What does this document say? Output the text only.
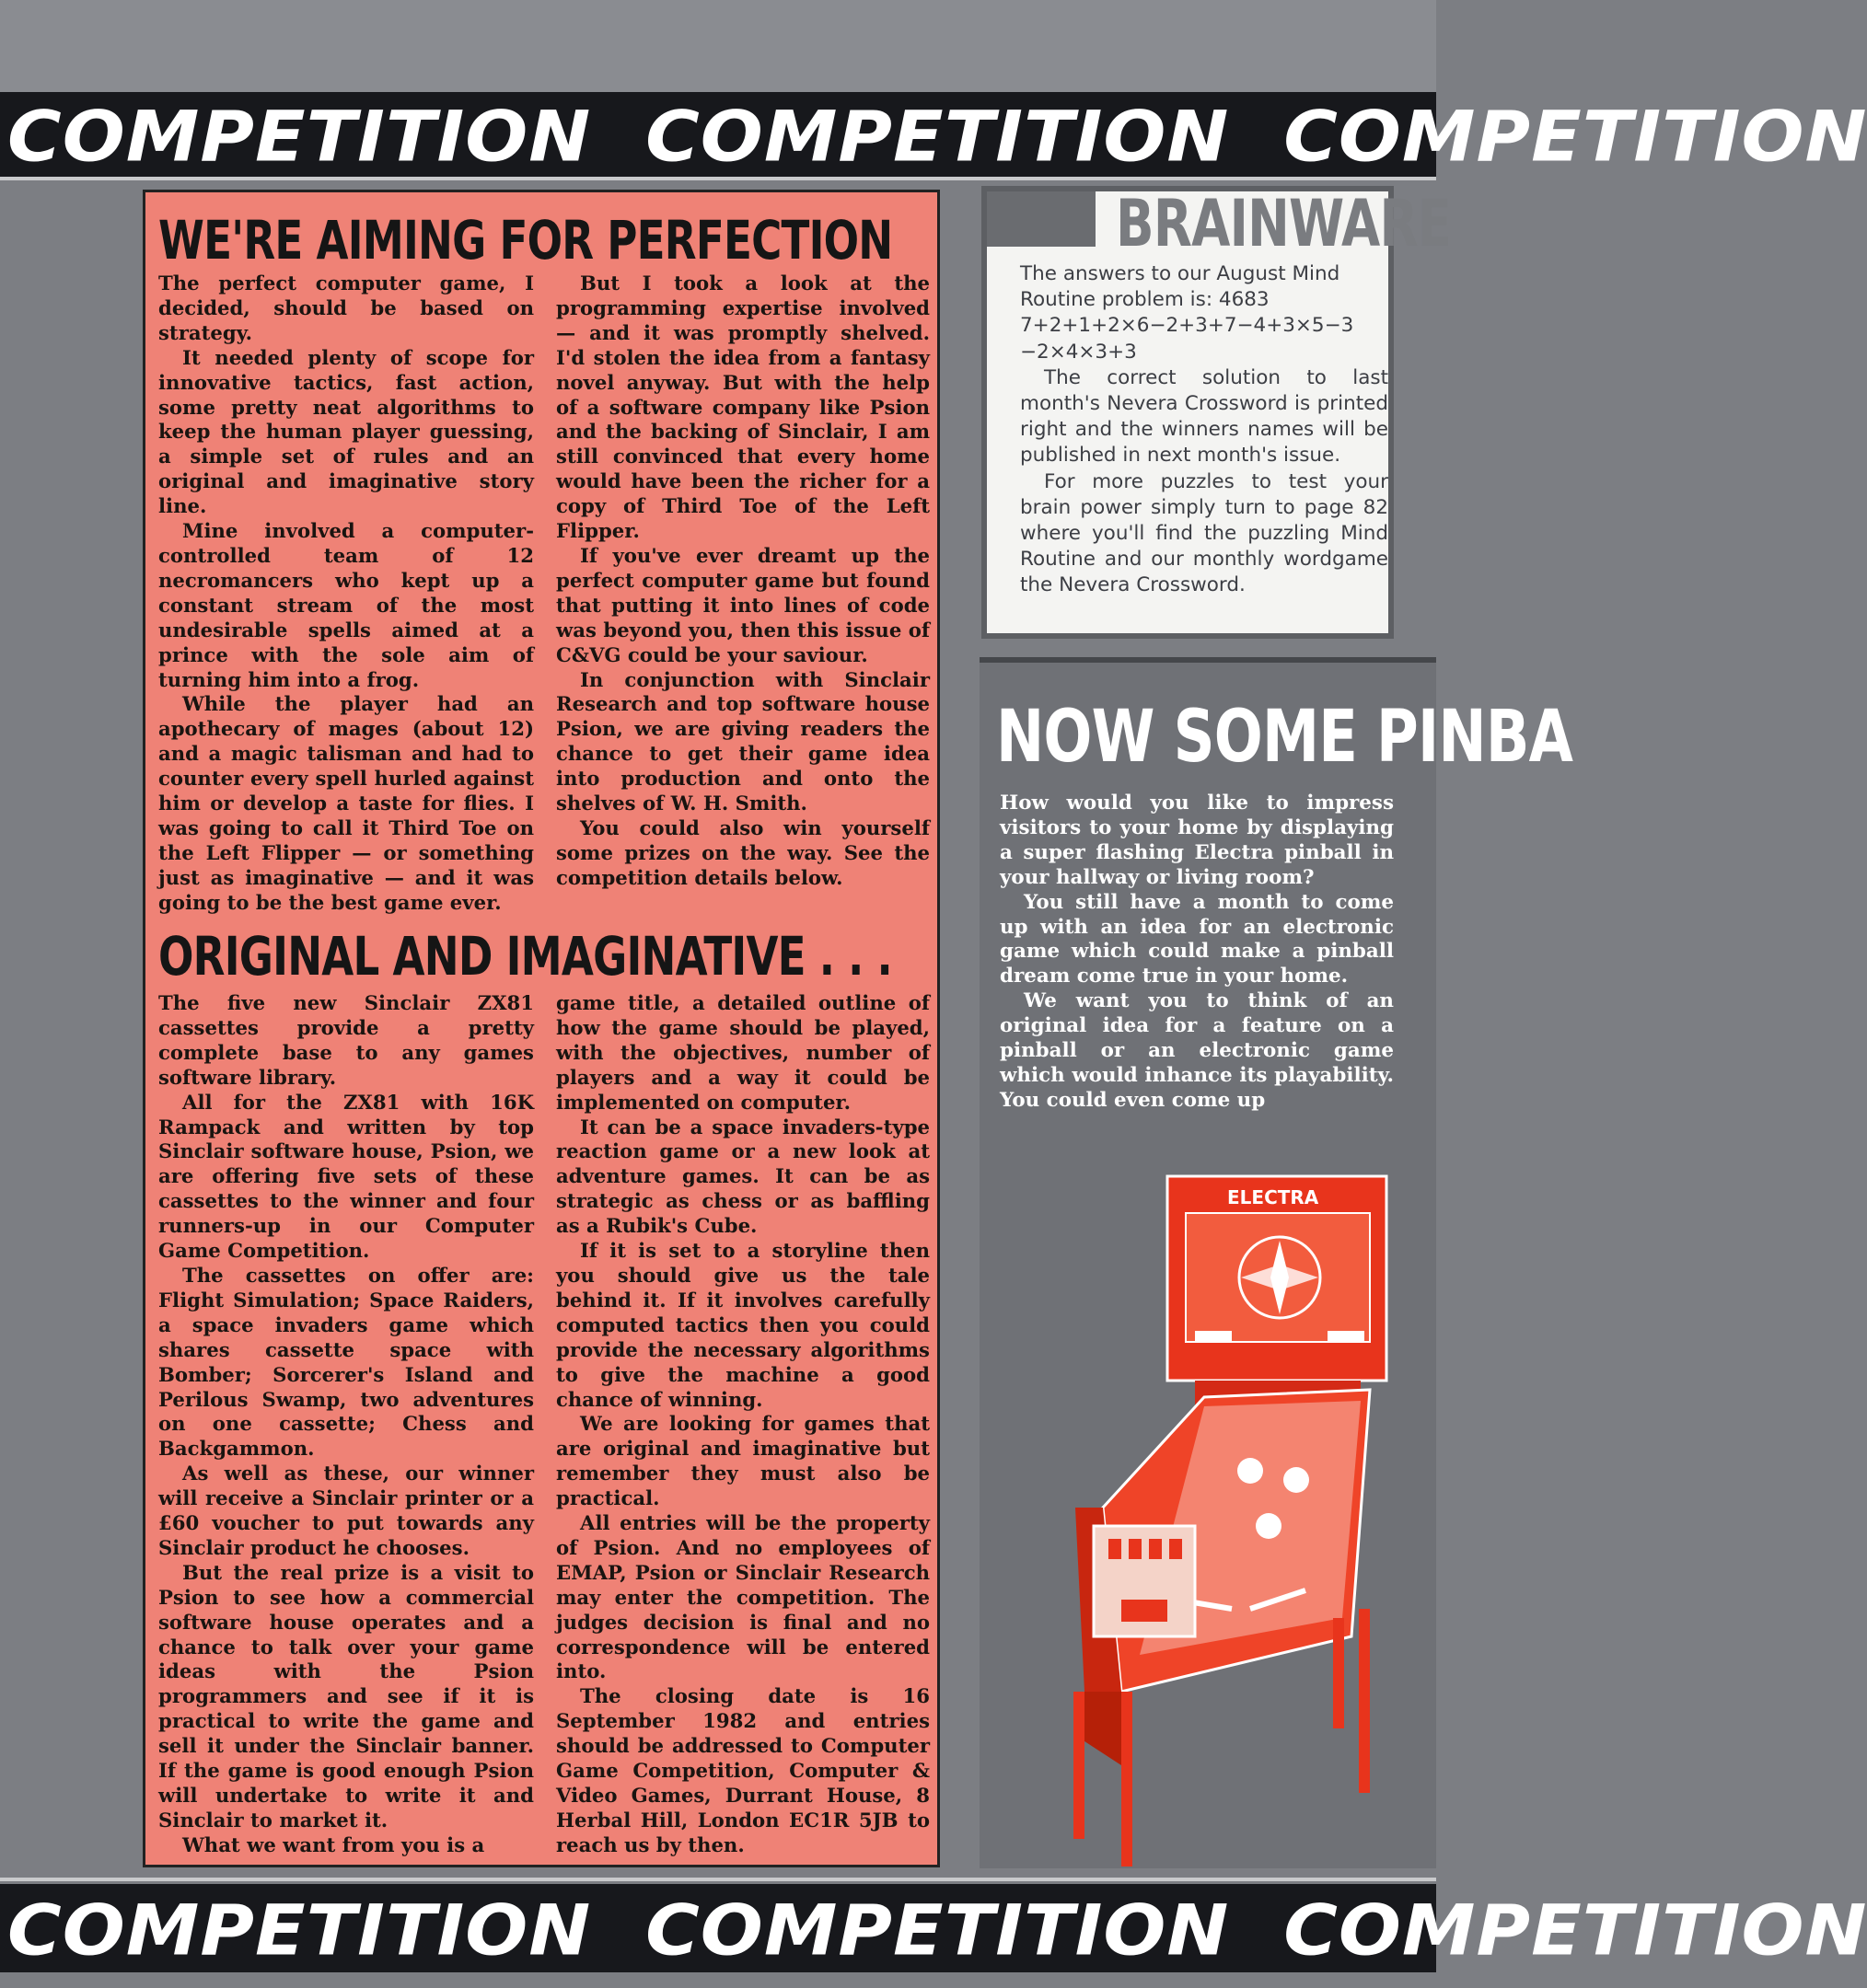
COMPETITION COMPETITION COMPETITION
WE'RE AIMING FOR PERFECTION

The perfect computer game, I decided, should be based on strategy.

It needed plenty of scope for innovative tactics, fast action, some pretty neat algorithms to keep the human player guessing, a simple set of rules and an original and imaginative story line.

Mine involved a computer-controlled team of 12 necromancers who kept up a constant stream of the most undesirable spells aimed at a prince with the sole aim of turning him into a frog.

While the player had an apothecary of mages (about 12) and a magic talisman and had to counter every spell hurled against him or develop a taste for flies. I was going to call it Third Toe on the Left Flipper — or something just as imaginative — and it was going to be the best game ever.

But I took a look at the programming expertise involved — and it was promptly shelved. I'd stolen the idea from a fantasy novel anyway. But with the help of a software company like Psion and the backing of Sinclair, I am still convinced that every home would have been the richer for a copy of Third Toe of the Left Flipper.

If you've ever dreamt up the perfect computer game but found that putting it into lines of code was beyond you, then this issue of C&VG could be your saviour.

In conjunction with Sinclair Research and top software house Psion, we are giving readers the chance to get their game idea into production and onto the shelves of W. H. Smith.

You could also win yourself some prizes on the way. See the competition details below.

ORIGINAL AND IMAGINATIVE . . .

The five new Sinclair ZX81 cassettes provide a pretty complete base to any games software library.

All for the ZX81 with 16K Rampack and written by top Sinclair software house, Psion, we are offering five sets of these cassettes to the winner and four runners-up in our Computer Game Competition.

The cassettes on offer are: Flight Simulation; Space Raiders, a space invaders game which shares cassette space with Bomber; Sorcerer's Island and Perilous Swamp, two adventures on one cassette; Chess and Backgammon.

As well as these, our winner will receive a Sinclair printer or a £60 voucher to put towards any Sinclair product he chooses.

But the real prize is a visit to Psion to see how a commercial software house operates and a chance to talk over your game ideas with the Psion programmers and see if it is practical to write the game and sell it under the Sinclair banner. If the game is good enough Psion will undertake to write it and Sinclair to market it.

What we want from you is a

game title, a detailed outline of how the game should be played, with the objectives, number of players and a way it could be implemented on computer.

It can be a space invaders-type reaction game or a new look at adventure games. It can be as strategic as chess or as baffling as a Rubik's Cube.

If it is set to a storyline then you should give us the tale behind it. If it involves carefully computed tactics then you could provide the necessary algorithms to give the machine a good chance of winning.

We are looking for games that are original and imaginative but remember they must also be practical.

All entries will be the property of Psion. And no employees of EMAP, Psion or Sinclair Research may enter the competition. The judges decision is final and no correspondence will be entered into.

The closing date is 16 September 1982 and entries should be addressed to Computer Game Competition, Computer & Video Games, Durrant House, 8 Herbal Hill, London EC1R 5JB to reach us by then.

BRAINWARE

The answers to our August Mind Routine problem is: 4683

7+2+1+2×6−2+3+7−4+3×5−3 −2×4×3+3

The correct solution to last month's Nevera Crossword is printed right and the winners names will be published in next month's issue.

For more puzzles to test your brain power simply turn to page 82 where you'll find the puzzling Mind Routine and our monthly wordgame the Nevera Crossword.

NOW SOME PINBA

How would you like to impress visitors to your home by displaying a super flashing Electra pinball in your hallway or living room?

You still have a month to come up with an idea for an electronic game which could make a pinball dream come true in your home.

We want you to think of an original idea for a feature on a pinball or an electronic game which would inhance its playability. You could even come up

ELECTRA
COMPETITION COMPETITION COMPETITION
